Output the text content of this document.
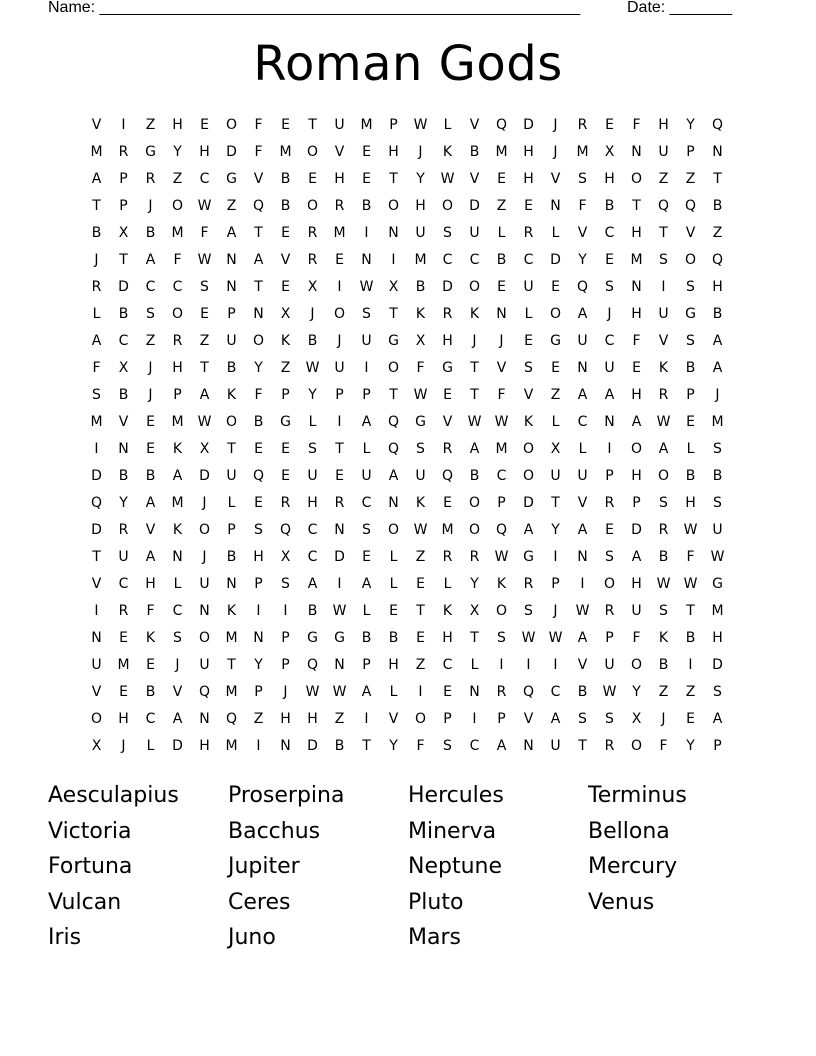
Name: ______________________________________________________	Date: _______
Roman Gods
V	I	Z	H	E	O	F	E	T	U	M	P	W	L	V	Q	D	J	R	E	F	H	Y	Q
M	R	G	Y	H	D	F	M	O	V	E	H	J	K	B	M	H	J	M	X	N	U	P	N
A	P	R	Z	C	G	V	B	E	H	E	T	Y	W	V	E	H	V	S	H	O	Z	Z	T
T	P	J	O	W	Z	Q	B	O	R	B	O	H	O	D	Z	E	N	F	B	T	Q	Q	B
B	X	B	M	F	A	T	E	R	M	I	N	U	S	U	L	R	L	V	C	H	T	V	Z
J	T	A	F	W	N	A	V	R	E	N	I	M	C	C	B	C	D	Y	E	M	S	O	Q
R	D	C	C	S	N	T	E	X	I	W	X	B	D	O	E	U	E	Q	S	N	I	S	H
L	B	S	O	E	P	N	X	J	O	S	T	K	R	K	N	L	O	A	J	H	U	G	B
A	C	Z	R	Z	U	O	K	B	J	U	G	X	H	J	J	E	G	U	C	F	V	S	A
F	X	J	H	T	B	Y	Z	W	U	I	O	F	G	T	V	S	E	N	U	E	K	B	A
S	B	J	P	A	K	F	P	Y	P	P	T	W	E	T	F	V	Z	A	A	H	R	P	J
M	V	E	M	W	O	B	G	L	I	A	Q	G	V	W W	K	L	C	N	A	W	E	M
I	N	E	K	X	T	E	E	S	T	L	Q	S	R	A	M	O	X	L	I	O	A	L	S
D	B	B	A	D	U	Q	E	U	E	U	A	U	Q	B	C	O	U	U	P	H	O	B	B
Q	Y	A	M	J	L	E	R	H	R	C	N	K	E	O	P	D	T	V	R	P	S	H	S
D	R	V	K	O	P	S	Q	C	N	S	O	W	M	O	Q	A	Y	A	E	D	R	W	U
T	U	A	N	J	B	H	X	C	D	E	L	Z	R	R	W	G	I	N	S	A	B	F	W
V	C	H	L	U	N	P	S	A	I	A	L	E	L	Y	K	R	P	I	O	H	W W	G
I	R	F	C	N	K	I	I	B	W	L	E	T	K	X	O	S	J	W	R	U	S	T	M
N	E	K	S	O	M	N	P	G	G	B	B	E	H	T	S	W W	A	P	F	K	B	H
U	M	E	J	U	T	Y	P	Q	N	P	H	Z	C	L	I	I	I	V	U	O	B	I	D
V	E	B	V	Q	M	P	J	W W	A	L	I	E	N	R	Q	C	B	W	Y	Z	Z	S
O	H	C	A	N	Q	Z	H	H	Z	I	V	O	P	I	P	V	A	S	S	X	J	E	A
X	J	L	D	H	M	I	N	D	B	T	Y	F	S	C	A	N	U	T	R	O	F	Y	P
Aesculapius	Proserpina	Hercules	Terminus
Victoria	Bacchus	Minerva	Bellona
Fortuna	Jupiter	Neptune	Mercury
Vulcan	Ceres	Pluto	Venus
Iris	Juno	Mars
